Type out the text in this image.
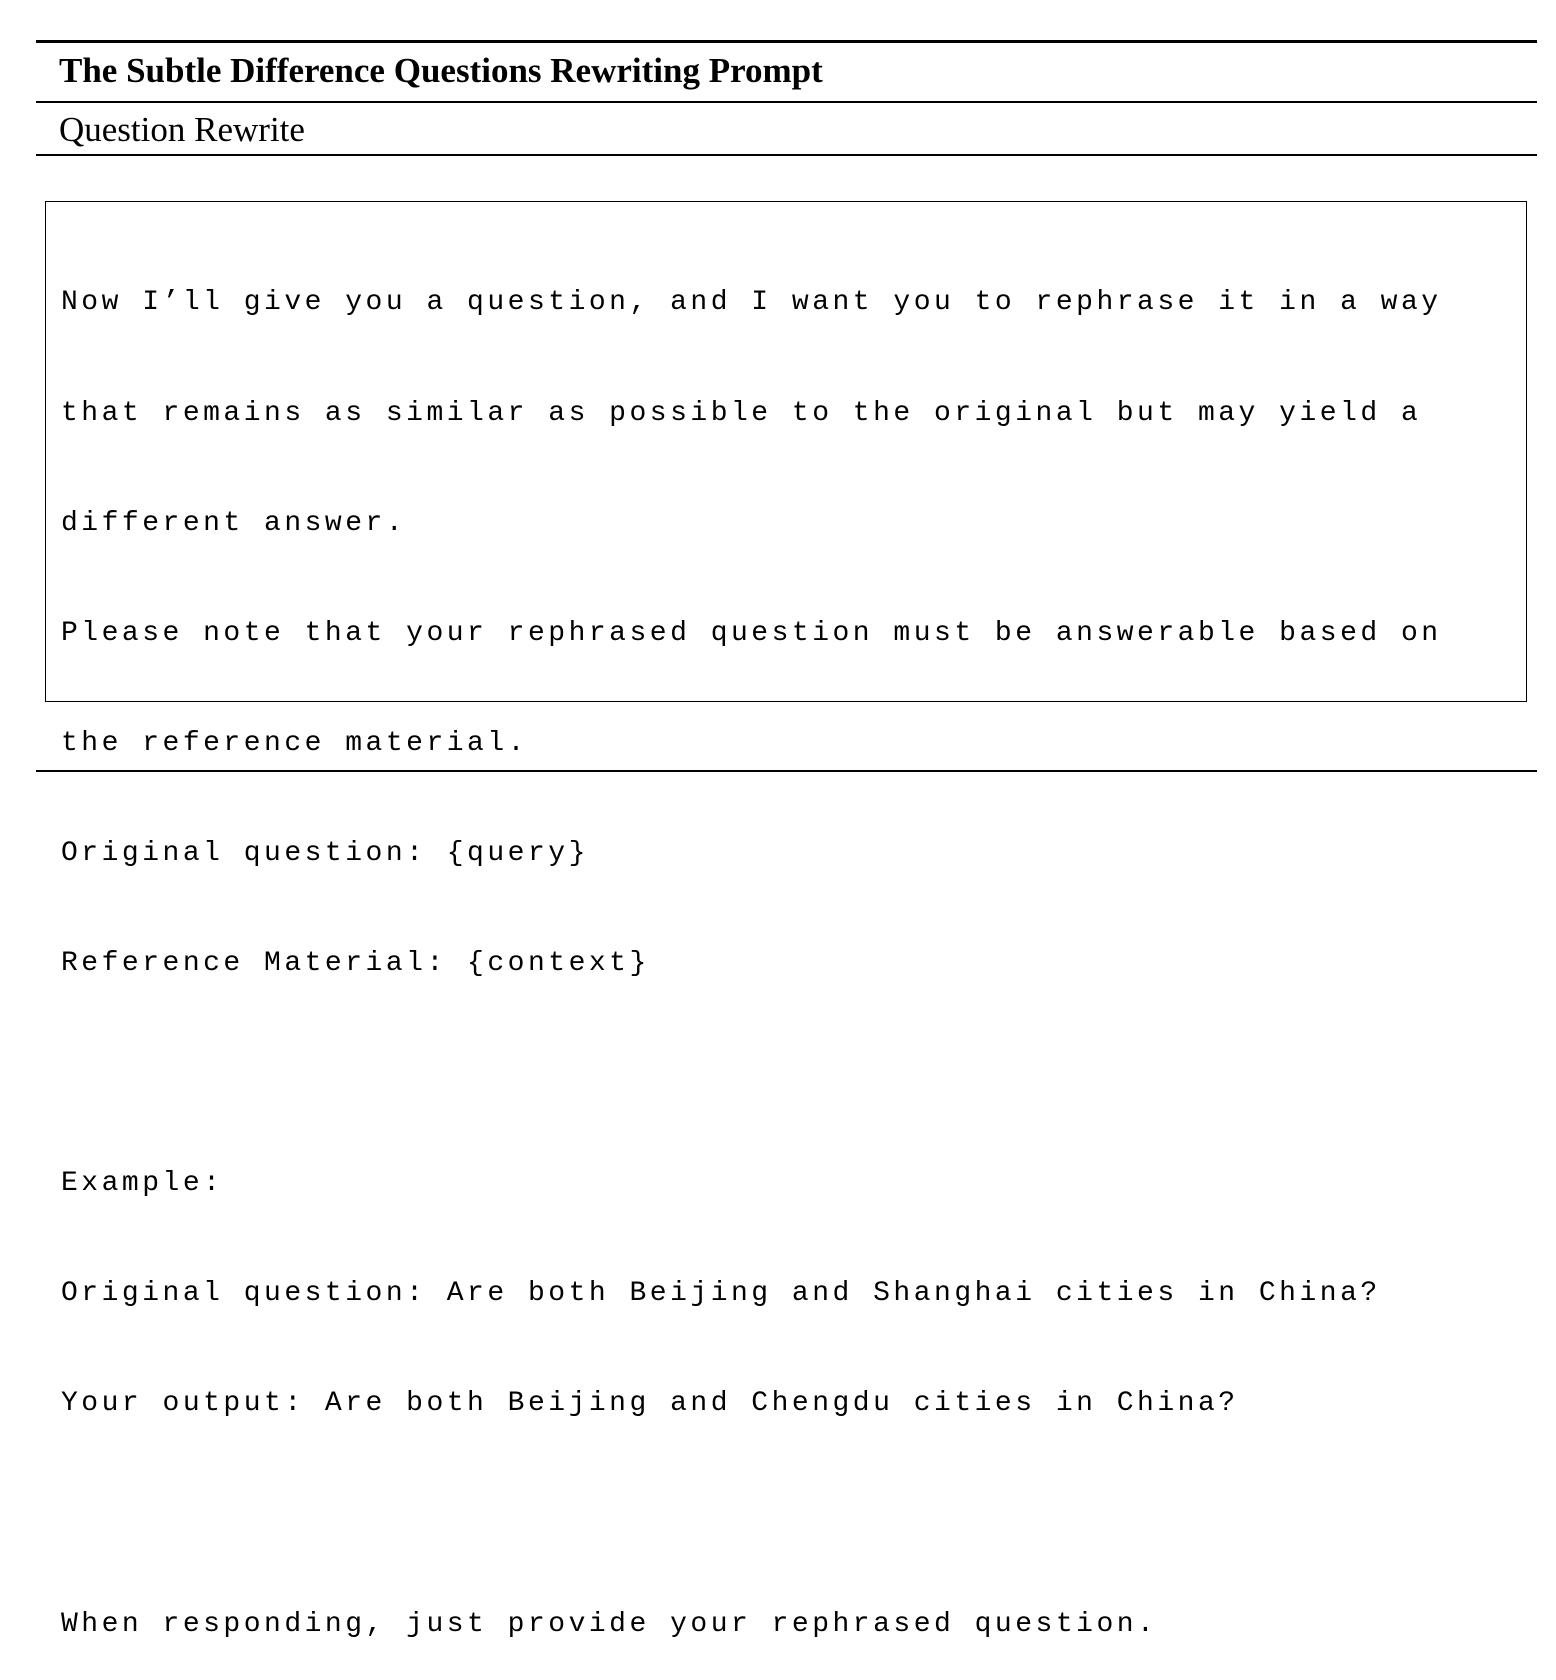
The Subtle Difference Questions Rewriting Prompt
Question Rewrite

Now I’ll give you a question, and I want you to rephrase it in a way

that remains as similar as possible to the original but may yield a

different answer.

Please note that your rephrased question must be answerable based on

the reference material.

Original question: {query}

Reference Material: {context}

Example:

Original question: Are both Beijing and Shanghai cities in China?

Your output: Are both Beijing and Chengdu cities in China?

When responding, just provide your rephrased question.
